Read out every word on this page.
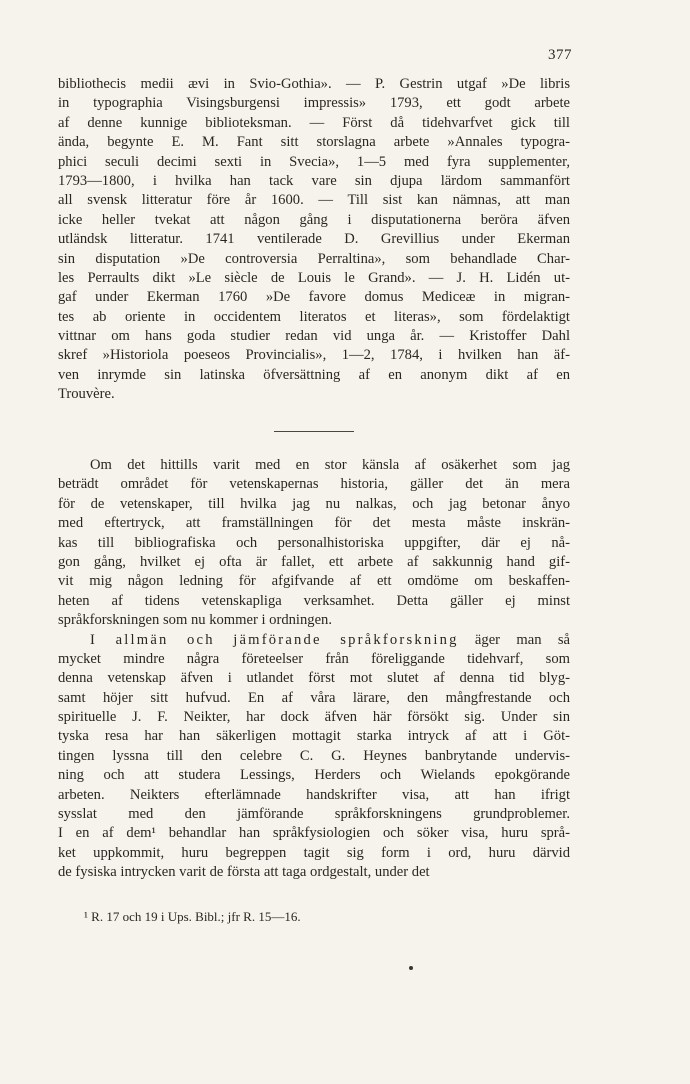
377
bibliothecis medii ævi in Svio-Gothia». — P. Gestrin utgaf »De libris
in typographia Visingsburgensi impressis» 1793, ett godt arbete
af denne kunnige biblioteksman. — Först då tidehvarfvet gick till
ända, begynte E. M. Fant sitt storslagna arbete »Annales typogra-
phici seculi decimi sexti in Svecia», 1—5 med fyra supplementer,
1793—1800, i hvilka han tack vare sin djupa lärdom sammanfört
all svensk litteratur före år 1600. — Till sist kan nämnas, att man
icke heller tvekat att någon gång i disputationerna beröra äfven
utländsk litteratur. 1741 ventilerade D. Grevillius under Ekerman
sin disputation »De controversia Perraltina», som behandlade Char-
les Perraults dikt »Le siècle de Louis le Grand». — J. H. Lidén ut-
gaf under Ekerman 1760 »De favore domus Mediceæ in migran-
tes ab oriente in occidentem literatos et literas», som fördelaktigt
vittnar om hans goda studier redan vid unga år. — Kristoffer Dahl
skref »Historiola poeseos Provincialis», 1—2, 1784, i hvilken han äf-
ven inrymde sin latinska öfversättning af en anonym dikt af en
Trouvère.
Om det hittills varit med en stor känsla af osäkerhet som jag
beträdt området för vetenskapernas historia, gäller det än mera
för de vetenskaper, till hvilka jag nu nalkas, och jag betonar ånyo
med eftertryck, att framställningen för det mesta måste inskrän-
kas till bibliografiska och personalhistoriska uppgifter, där ej nå-
gon gång, hvilket ej ofta är fallet, ett arbete af sakkunnig hand gif-
vit mig någon ledning för afgifvande af ett omdöme om beskaffen-
heten af tidens vetenskapliga verksamhet. Detta gäller ej minst
språkforskningen som nu kommer i ordningen.
I allmän och jämförande språkforskning äger man så
mycket mindre några företeelser från föreliggande tidehvarf, som
denna vetenskap äfven i utlandet först mot slutet af denna tid blyg-
samt höjer sitt hufvud. En af våra lärare, den mångfrestande och
spirituelle J. F. Neikter, har dock äfven här försökt sig. Under sin
tyska resa har han säkerligen mottagit starka intryck af att i Göt-
tingen lyssna till den celebre C. G. Heynes banbrytande undervis-
ning och att studera Lessings, Herders och Wielands epokgörande
arbeten. Neikters efterlämnade handskrifter visa, att han ifrigt
sysslat med den jämförande språkforskningens grundproblemer.
I en af dem¹ behandlar han språkfysiologien och söker visa, huru språ-
ket uppkommit, huru begreppen tagit sig form i ord, huru därvid
de fysiska intrycken varit de första att taga ordgestalt, under det
¹ R. 17 och 19 i Ups. Bibl.; jfr R. 15—16.
